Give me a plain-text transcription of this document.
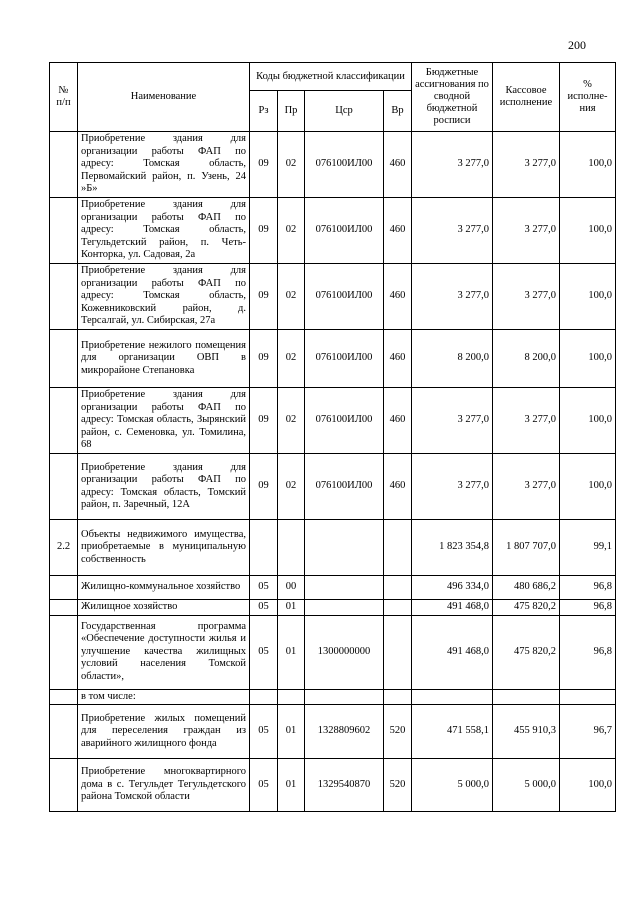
200
№ п/п	Наименование	Коды бюджетной классификации				Бюджетные ассигнования по сводной бюджетной росписи	Кассовое исполнение	% исполне-ния
		Рз	Пр	Цср	Вр			
	Приобретение здания для организации работы ФАП по адресу: Томская область, Первомайский район, п. Узень, 24 »Б»	09	02	076100ИЛ00	460	3 277,0	3 277,0	100,0
	Приобретение здания для организации работы ФАП по адресу: Томская область, Тегульдетский район, п. Четь-Конторка, ул. Садовая, 2а	09	02	076100ИЛ00	460	3 277,0	3 277,0	100,0
	Приобретение здания для организации работы ФАП по адресу: Томская область, Кожевниковский район, д. Терсалгай, ул. Сибирская, 27а	09	02	076100ИЛ00	460	3 277,0	3 277,0	100,0
	Приобретение нежилого помещения для организации ОВП в микрорайоне Степановка	09	02	076100ИЛ00	460	8 200,0	8 200,0	100,0
	Приобретение здания для организации работы ФАП по адресу: Томская область, Зырянский район, с. Семеновка, ул. Томилина, 68	09	02	076100ИЛ00	460	3 277,0	3 277,0	100,0
	Приобретение здания для организации работы ФАП по адресу: Томская область, Томский район, п. Заречный, 12А	09	02	076100ИЛ00	460	3 277,0	3 277,0	100,0
2.2	Объекты недвижимого имущества, приобретаемые в муниципальную собственность					1 823 354,8	1 807 707,0	99,1
	Жилищно-коммунальное хозяйство	05	00			496 334,0	480 686,2	96,8
	Жилищное хозяйство	05	01			491 468,0	475 820,2	96,8
	Государственная программа «Обеспечение доступности жилья и улучшение качества жилищных условий населения Томской области»,	05	01	1300000000		491 468,0	475 820,2	96,8
	в том числе:							
	Приобретение жилых помещений для переселения граждан из аварийного жилищного фонда	05	01	1328809602	520	471 558,1	455 910,3	96,7
	Приобретение многоквартирного дома в с. Тегульдет Тегульдетского района Томской области	05	01	1329540870	520	5 000,0	5 000,0	100,0
